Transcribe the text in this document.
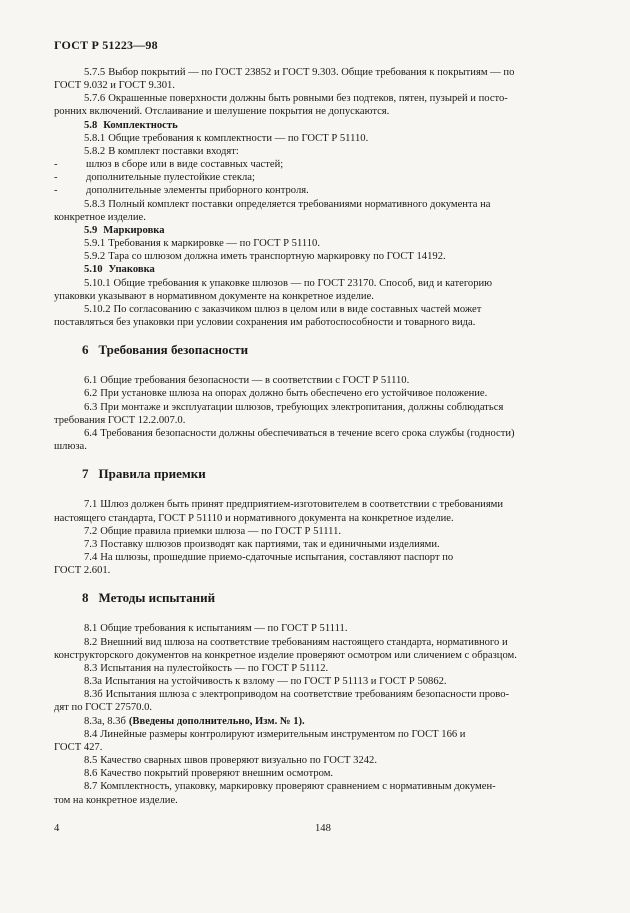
ГОСТ Р 51223—98
5.7.5 Выбор покрытий — по ГОСТ 23852 и ГОСТ 9.303. Общие требования к покрытиям — по
ГОСТ 9.032 и ГОСТ 9.301.
5.7.6 Окрашенные поверхности должны быть ровными без подтеков, пятен, пузырей и посто-
ронних включений. Отслаивание и шелушение покрытия не допускаются.
5.8 Комплектность
5.8.1 Общие требования к комплектности — по ГОСТ Р 51110.
5.8.2 В комплект поставки входят:
-	шлюз в сборе или в виде составных частей;
-	дополнительные пулестойкие стекла;
-	дополнительные элементы приборного контроля.
5.8.3 Полный комплект поставки определяется требованиями нормативного документа на
конкретное изделие.
5.9 Маркировка
5.9.1 Требования к маркировке — по ГОСТ Р 51110.
5.9.2 Тара со шлюзом должна иметь транспортную маркировку по ГОСТ 14192.
5.10 Упаковка
5.10.1 Общие требования к упаковке шлюзов — по ГОСТ 23170. Способ, вид и категорию
упаковки указывают в нормативном документе на конкретное изделие.
5.10.2 По согласованию с заказчиком шлюз в целом или в виде составных частей может
поставляться без упаковки при условии сохранения им работоспособности и товарного вида.
6 Требования безопасности
6.1 Общие требования безопасности — в соответствии с ГОСТ Р 51110.
6.2 При установке шлюза на опорах должно быть обеспечено его устойчивое положение.
6.3 При монтаже и эксплуатации шлюзов, требующих электропитания, должны соблюдаться
требования ГОСТ 12.2.007.0.
6.4 Требования безопасности должны обеспечиваться в течение всего срока службы (годности)
шлюза.
7 Правила приемки
7.1 Шлюз должен быть принят предприятием-изготовителем в соответствии с требованиями
настоящего стандарта, ГОСТ Р 51110 и нормативного документа на конкретное изделие.
7.2 Общие правила приемки шлюза — по ГОСТ Р 51111.
7.3 Поставку шлюзов производят как партиями, так и единичными изделиями.
7.4 На шлюзы, прошедшие приемо-сдаточные испытания, составляют паспорт по
ГОСТ 2.601.
8 Методы испытаний
8.1 Общие требования к испытаниям — по ГОСТ Р 51111.
8.2 Внешний вид шлюза на соответствие требованиям настоящего стандарта, нормативного и
конструкторского документов на конкретное изделие проверяют осмотром или сличением с образцом.
8.3 Испытания на пулестойкость — по ГОСТ Р 51112.
8.3а Испытания на устойчивость к взлому — по ГОСТ Р 51113 и ГОСТ Р 50862.
8.3б Испытания шлюза с электроприводом на соответствие требованиям безопасности прово-
дят по ГОСТ 27570.0.
8.3а, 8.3б (Введены дополнительно, Изм. № 1).
8.4 Линейные размеры контролируют измерительным инструментом по ГОСТ 166 и
ГОСТ 427.
8.5 Качество сварных швов проверяют визуально по ГОСТ 3242.
8.6 Качество покрытий проверяют внешним осмотром.
8.7 Комплектность, упаковку, маркировку проверяют сравнением с нормативным докумен-
том на конкретное изделие.
4	148
